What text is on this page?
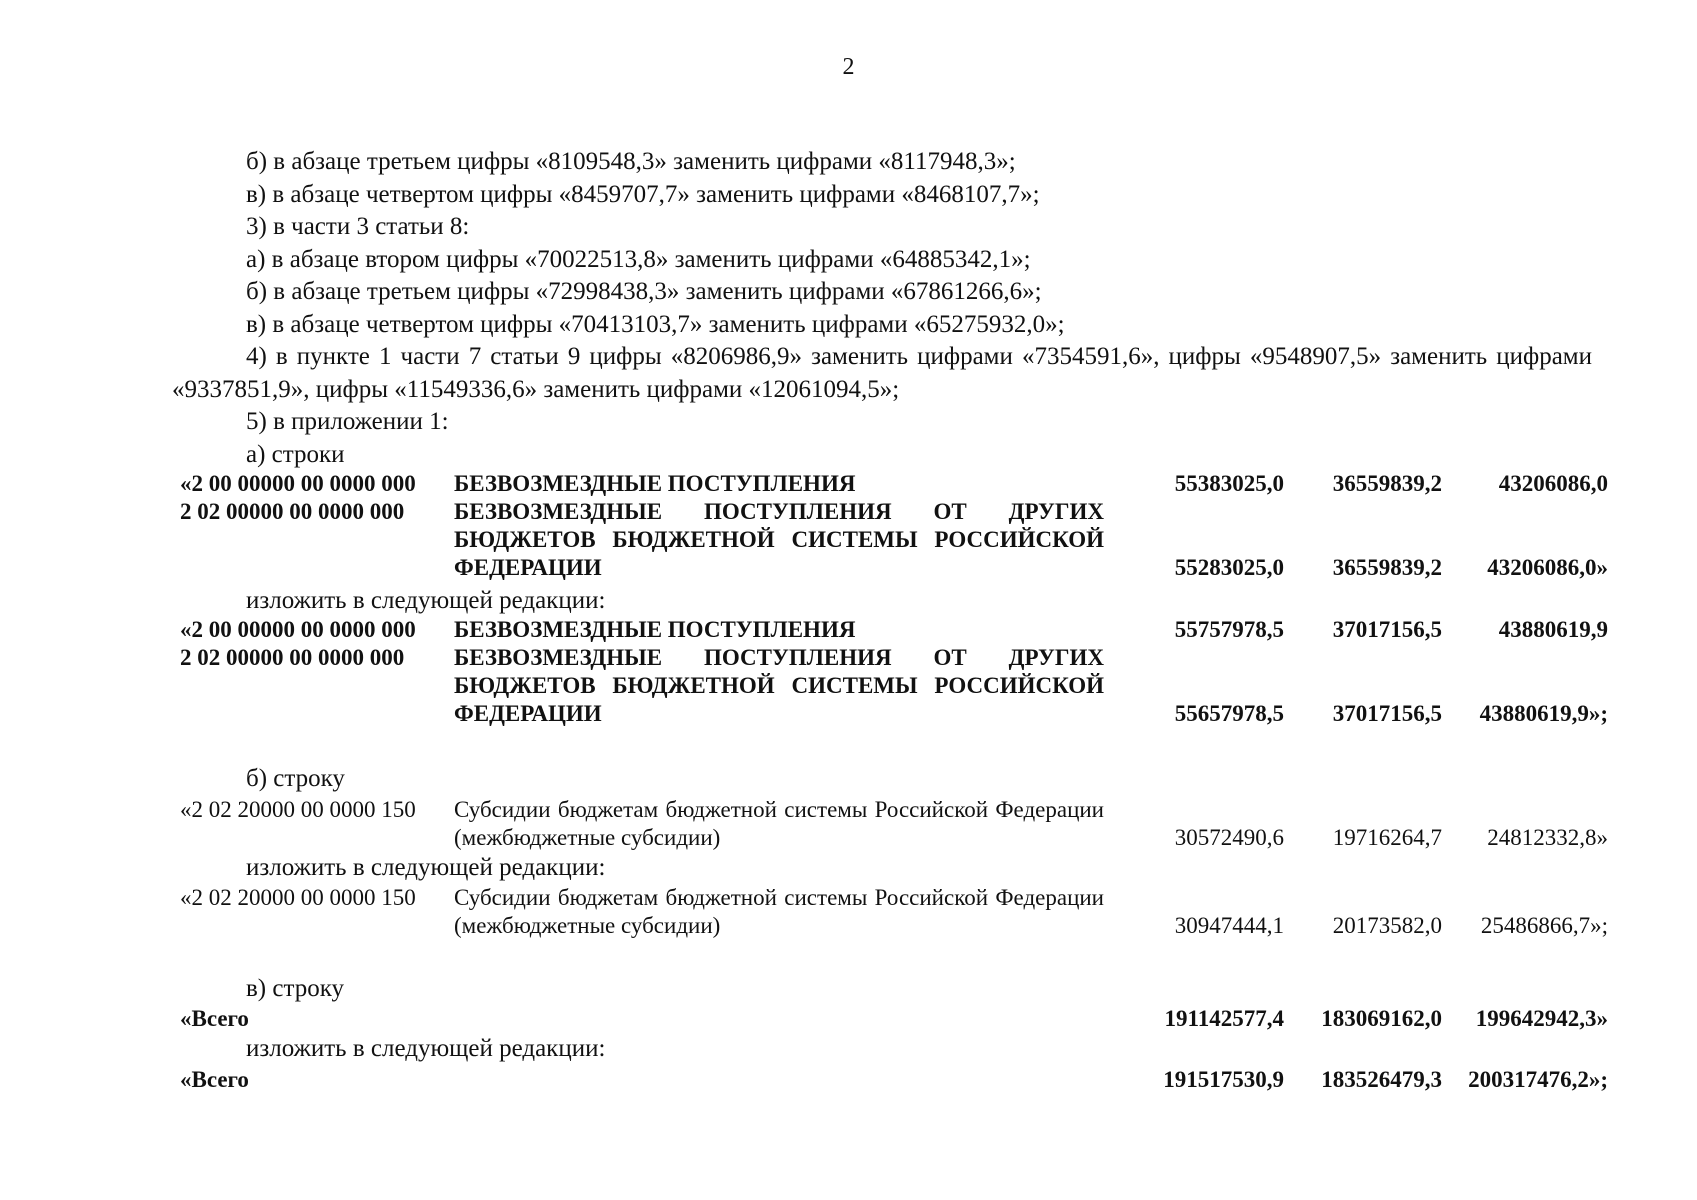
2

б) в абзаце третьем цифры «8109548,3» заменить цифрами «8117948,3»;

в) в абзаце четвертом цифры «8459707,7» заменить цифрами «8468107,7»;

3) в части 3 статьи 8:

а) в абзаце втором цифры «70022513,8» заменить цифрами «64885342,1»;

б) в абзаце третьем цифры «72998438,3» заменить цифрами «67861266,6»;

в) в абзаце четвертом цифры «70413103,7» заменить цифрами «65275932,0»;

4) в пункте 1 части 7 статьи 9 цифры «8206986,9» заменить цифрами «7354591,6», цифры «9548907,5» заменить цифрами «9337851,9», цифры «11549336,6» заменить цифрами «12061094,5»;

5) в приложении 1:

а) строки

«2 00 00000 00 0000 000	БЕЗВОЗМЕЗДНЫЕ ПОСТУПЛЕНИЯ	55383025,0	36559839,2	43206086,0
2 02 00000 00 0000 000	БЕЗВОЗМЕЗДНЫЕ ПОСТУПЛЕНИЯ ОТ ДРУГИХ БЮДЖЕТОВ БЮДЖЕТНОЙ СИСТЕМЫ РОССИЙСКОЙ ФЕДЕРАЦИИ	55283025,0	36559839,2	43206086,0»
изложить в следующей редакции:
«2 00 00000 00 0000 000	БЕЗВОЗМЕЗДНЫЕ ПОСТУПЛЕНИЯ	55757978,5	37017156,5	43880619,9
2 02 00000 00 0000 000	БЕЗВОЗМЕЗДНЫЕ ПОСТУПЛЕНИЯ ОТ ДРУГИХ БЮДЖЕТОВ БЮДЖЕТНОЙ СИСТЕМЫ РОССИЙСКОЙ ФЕДЕРАЦИИ	55657978,5	37017156,5	43880619,9»;
б) строку
«2 02 20000 00 0000 150	Субсидии бюджетам бюджетной системы Российской Федерации (межбюджетные субсидии)	30572490,6	19716264,7	24812332,8»
изложить в следующей редакции:
«2 02 20000 00 0000 150	Субсидии бюджетам бюджетной системы Российской Федерации (межбюджетные субсидии)	30947444,1	20173582,0	25486866,7»;
в) строку
«Всего		191142577,4	183069162,0	199642942,3»
изложить в следующей редакции:
«Всего		191517530,9	183526479,3	200317476,2»;
